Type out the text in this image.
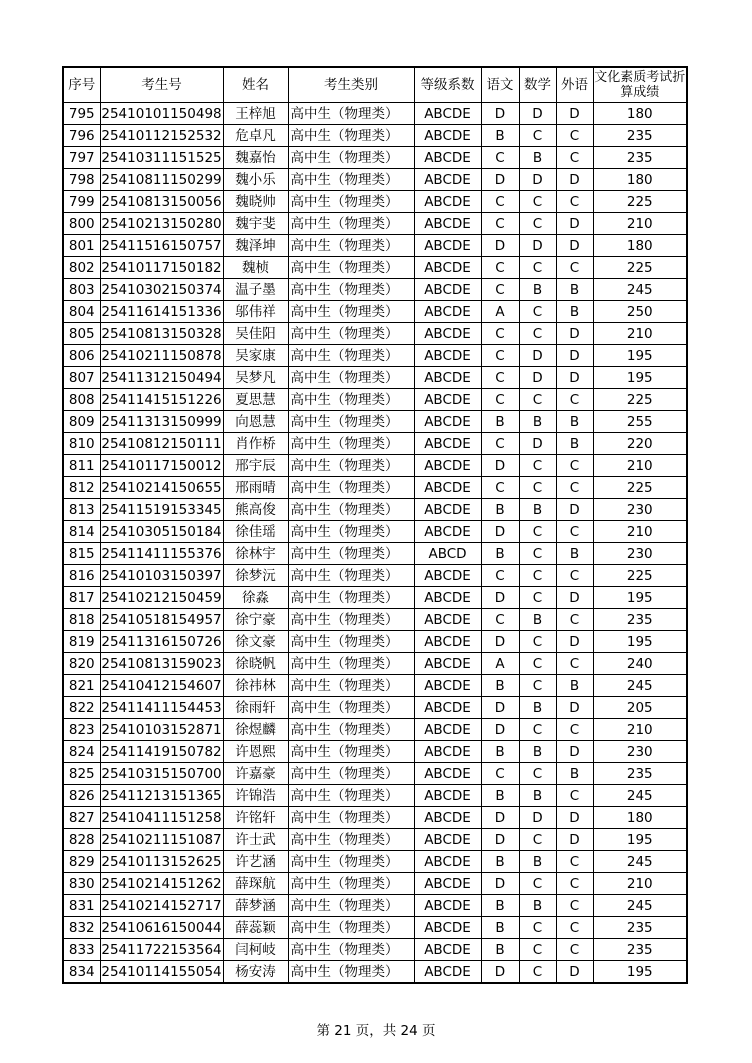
序号	考生号	姓名	考生类别	等级系数	语文	数学	外语	文化素质考试折算成绩
795	25410101150498	王梓旭	高中生（物理类）	ABCDE	D	D	D	180
796	25410112152532	危卓凡	高中生（物理类）	ABCDE	B	C	C	235
797	25410311151525	魏嘉怡	高中生（物理类）	ABCDE	C	B	C	235
798	25410811150299	魏小乐	高中生（物理类）	ABCDE	D	D	D	180
799	25410813150056	魏晓帅	高中生（物理类）	ABCDE	C	C	C	225
800	25410213150280	魏宇斐	高中生（物理类）	ABCDE	C	C	D	210
801	25411516150757	魏泽坤	高中生（物理类）	ABCDE	D	D	D	180
802	25410117150182	魏桢	高中生（物理类）	ABCDE	C	C	C	225
803	25410302150374	温子墨	高中生（物理类）	ABCDE	C	B	B	245
804	25411614151336	邬伟祥	高中生（物理类）	ABCDE	A	C	B	250
805	25410813150328	吴佳阳	高中生（物理类）	ABCDE	C	C	D	210
806	25410211150878	吴家康	高中生（物理类）	ABCDE	C	D	D	195
807	25411312150494	吴梦凡	高中生（物理类）	ABCDE	C	D	D	195
808	25411415151226	夏思慧	高中生（物理类）	ABCDE	C	C	C	225
809	25411313150999	向恩慧	高中生（物理类）	ABCDE	B	B	B	255
810	25410812150111	肖作桥	高中生（物理类）	ABCDE	C	D	B	220
811	25410117150012	邢宇辰	高中生（物理类）	ABCDE	D	C	C	210
812	25410214150655	邢雨晴	高中生（物理类）	ABCDE	C	C	C	225
813	25411519153345	熊高俊	高中生（物理类）	ABCDE	B	B	D	230
814	25410305150184	徐佳瑶	高中生（物理类）	ABCDE	D	C	C	210
815	25411411155376	徐林宇	高中生（物理类）	ABCD	B	C	B	230
816	25410103150397	徐梦沅	高中生（物理类）	ABCDE	C	C	C	225
817	25410212150459	徐淼	高中生（物理类）	ABCDE	D	C	D	195
818	25410518154957	徐宁豪	高中生（物理类）	ABCDE	C	B	C	235
819	25411316150726	徐文豪	高中生（物理类）	ABCDE	D	C	D	195
820	25410813159023	徐晓帆	高中生（物理类）	ABCDE	A	C	C	240
821	25410412154607	徐祎林	高中生（物理类）	ABCDE	B	C	B	245
822	25411411154453	徐雨轩	高中生（物理类）	ABCDE	D	B	D	205
823	25410103152871	徐煜麟	高中生（物理类）	ABCDE	D	C	C	210
824	25411419150782	许恩熙	高中生（物理类）	ABCDE	B	B	D	230
825	25410315150700	许嘉豪	高中生（物理类）	ABCDE	C	C	B	235
826	25411213151365	许锦浩	高中生（物理类）	ABCDE	B	B	C	245
827	25410411151258	许铭轩	高中生（物理类）	ABCDE	D	D	D	180
828	25410211151087	许士武	高中生（物理类）	ABCDE	D	C	D	195
829	25410113152625	许艺涵	高中生（物理类）	ABCDE	B	B	C	245
830	25410214151262	薛琛航	高中生（物理类）	ABCDE	D	C	C	210
831	25410214152717	薛梦涵	高中生（物理类）	ABCDE	B	B	C	245
832	25410616150044	薛蕊颖	高中生（物理类）	ABCDE	B	C	C	235
833	25411722153564	闫柯岐	高中生（物理类）	ABCDE	B	C	C	235
834	25410114155054	杨安涛	高中生（物理类）	ABCDE	D	C	D	195
第 21 页，共 24 页
